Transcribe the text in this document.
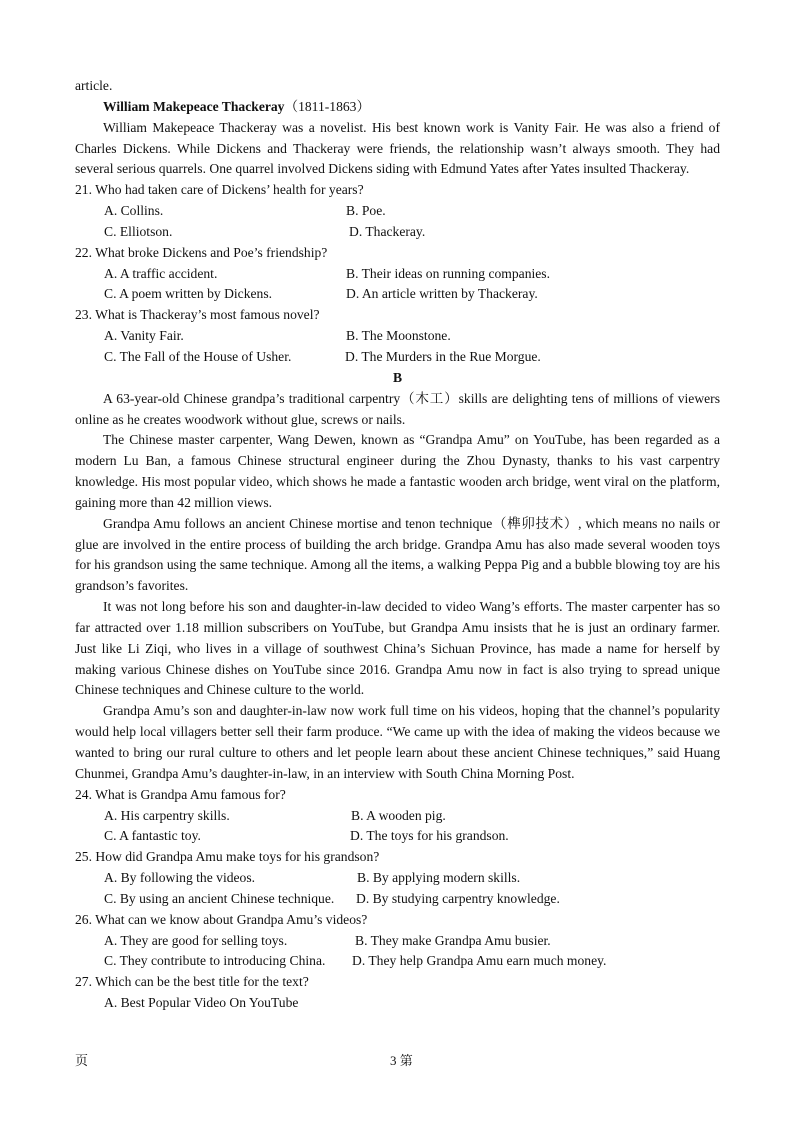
article.

William Makepeace Thackeray（1811-1863）

William Makepeace Thackeray was a novelist. His best known work is Vanity Fair. He was also a friend of Charles Dickens. While Dickens and Thackeray were friends, the relationship wasn’t always smooth. They had several serious quarrels. One quarrel involved Dickens siding with Edmund Yates after Yates insulted Thackeray.

21. Who had taken care of Dickens’ health for years?

A. Collins.	B. Poe.
C. Elliotson.	D. Thackeray.

22. What broke Dickens and Poe’s friendship?

A. A traffic accident.	B. Their ideas on running companies.
C. A poem written by Dickens.	D. An article written by Thackeray.

23. What is Thackeray’s most famous novel?

A. Vanity Fair.	B. The Moonstone.
C. The Fall of the House of Usher.	D. The Murders in the Rue Morgue.

B

A 63-year-old Chinese grandpa’s traditional carpentry（木工）skills are delighting tens of millions of viewers online as he creates woodwork without glue, screws or nails.

The Chinese master carpenter, Wang Dewen, known as “Grandpa Amu” on YouTube, has been regarded as a modern Lu Ban, a famous Chinese structural engineer during the Zhou Dynasty, thanks to his vast carpentry knowledge. His most popular video, which shows he made a fantastic wooden arch bridge, went viral on the platform, gaining more than 42 million views.

Grandpa Amu follows an ancient Chinese mortise and tenon technique（榫卯技术）, which means no nails or glue are involved in the entire process of building the arch bridge. Grandpa Amu has also made several wooden toys for his grandson using the same technique. Among all the items, a walking Peppa Pig and a bubble blowing toy are his grandson’s favorites.

It was not long before his son and daughter-in-law decided to video Wang’s efforts. The master carpenter has so far attracted over 1.18 million subscribers on YouTube, but Grandpa Amu insists that he is just an ordinary farmer. Just like Li Ziqi, who lives in a village of southwest China’s Sichuan Province, has made a name for herself by making various Chinese dishes on YouTube since 2016. Grandpa Amu now in fact is also trying to spread unique Chinese techniques and Chinese culture to the world.

Grandpa Amu’s son and daughter-in-law now work full time on his videos, hoping that the channel’s popularity would help local villagers better sell their farm produce. “We came up with the idea of making the videos because we wanted to bring our rural culture to others and let people learn about these ancient Chinese techniques,” said Huang Chunmei, Grandpa Amu’s daughter-in-law, in an interview with South China Morning Post.

24. What is Grandpa Amu famous for?

A. His carpentry skills.	B. A wooden pig.
C. A fantastic toy.	D. The toys for his grandson.

25. How did Grandpa Amu make toys for his grandson?

A. By following the videos.	B. By applying modern skills.
C. By using an ancient Chinese technique. D. By studying carpentry knowledge.

26. What can we know about Grandpa Amu’s videos?

A. They are good for selling toys.	B. They make Grandpa Amu busier.
C. They contribute to introducing China. D. They help Grandpa Amu earn much money.

27. Which can be the best title for the text?

A. Best Popular Video On YouTube
页	3 第
